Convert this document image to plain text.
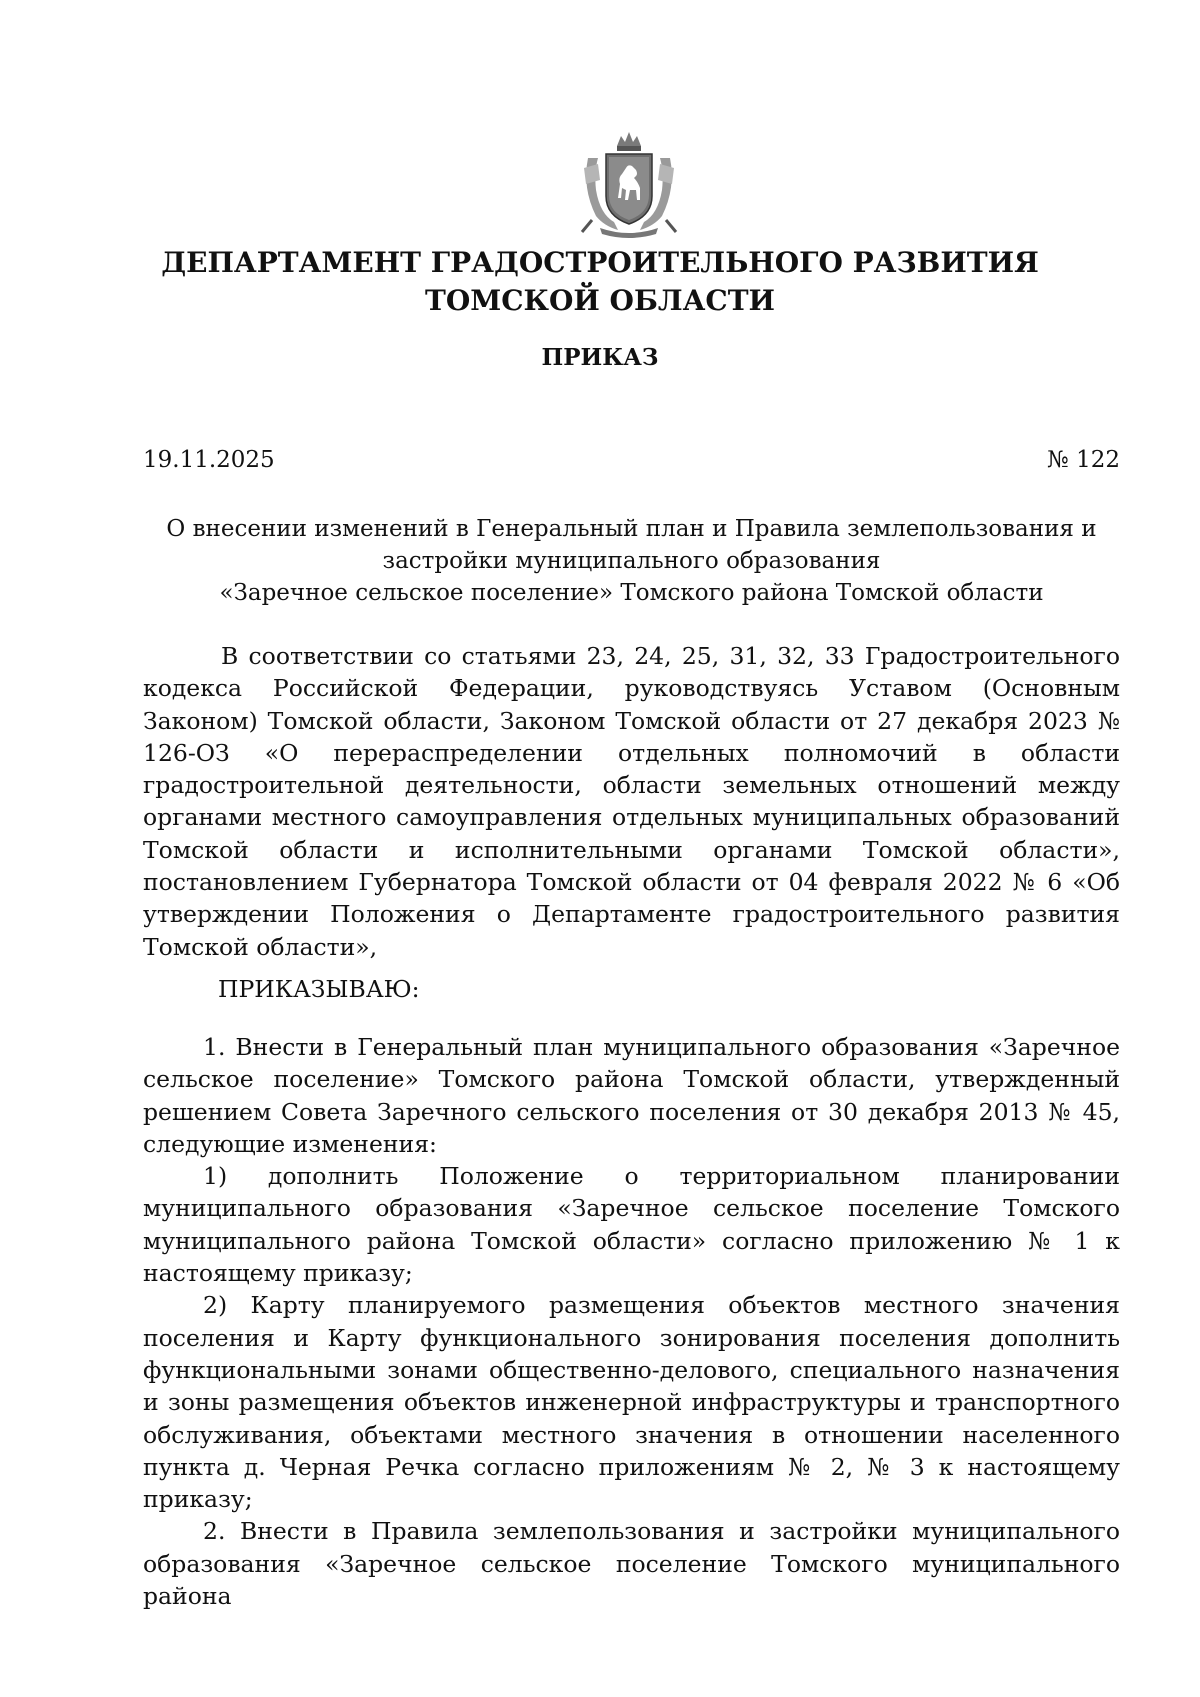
ДЕПАРТАМЕНТ ГРАДОСТРОИТЕЛЬНОГО РАЗВИТИЯ
ТОМСКОЙ ОБЛАСТИ
ПРИКАЗ
19.11.2025	№ 122
О внесении изменений в Генеральный план и Правила землепользования и
застройки муниципального образования
«Заречное сельское поселение» Томского района Томской области

В соответствии со статьями 23, 24, 25, 31, 32, 33 Градостроительного кодекса Российской Федерации, руководствуясь Уставом (Основным Законом) Томской области, Законом Томской области от 27 декабря 2023 № 126-ОЗ «О перераспределении отдельных полномочий в области градостроительной деятельности, области земельных отношений между органами местного самоуправления отдельных муниципальных образований Томской области и исполнительными органами Томской области», постановлением Губернатора Томской области от 04 февраля 2022 № 6 «Об утверждении Положения о Департаменте градостроительного развития Томской области»,

ПРИКАЗЫВАЮ:

1. Внести в Генеральный план муниципального образования «Заречное сельское поселение» Томского района Томской области, утвержденный решением Совета Заречного сельского поселения от 30 декабря 2013 № 45, следующие изменения:

1) дополнить Положение о территориальном планировании муниципального образования «Заречное сельское поселение Томского муниципального района Томской области» согласно приложению № 1 к настоящему приказу;

2) Карту планируемого размещения объектов местного значения поселения и Карту функционального зонирования поселения дополнить функциональными зонами общественно-делового, специального назначения и зоны размещения объектов инженерной инфраструктуры и транспортного обслуживания, объектами местного значения в отношении населенного пункта д. Черная Речка согласно приложениям № 2, № 3 к настоящему приказу;

2. Внести в Правила землепользования и застройки муниципального образования «Заречное сельское поселение Томского муниципального района
